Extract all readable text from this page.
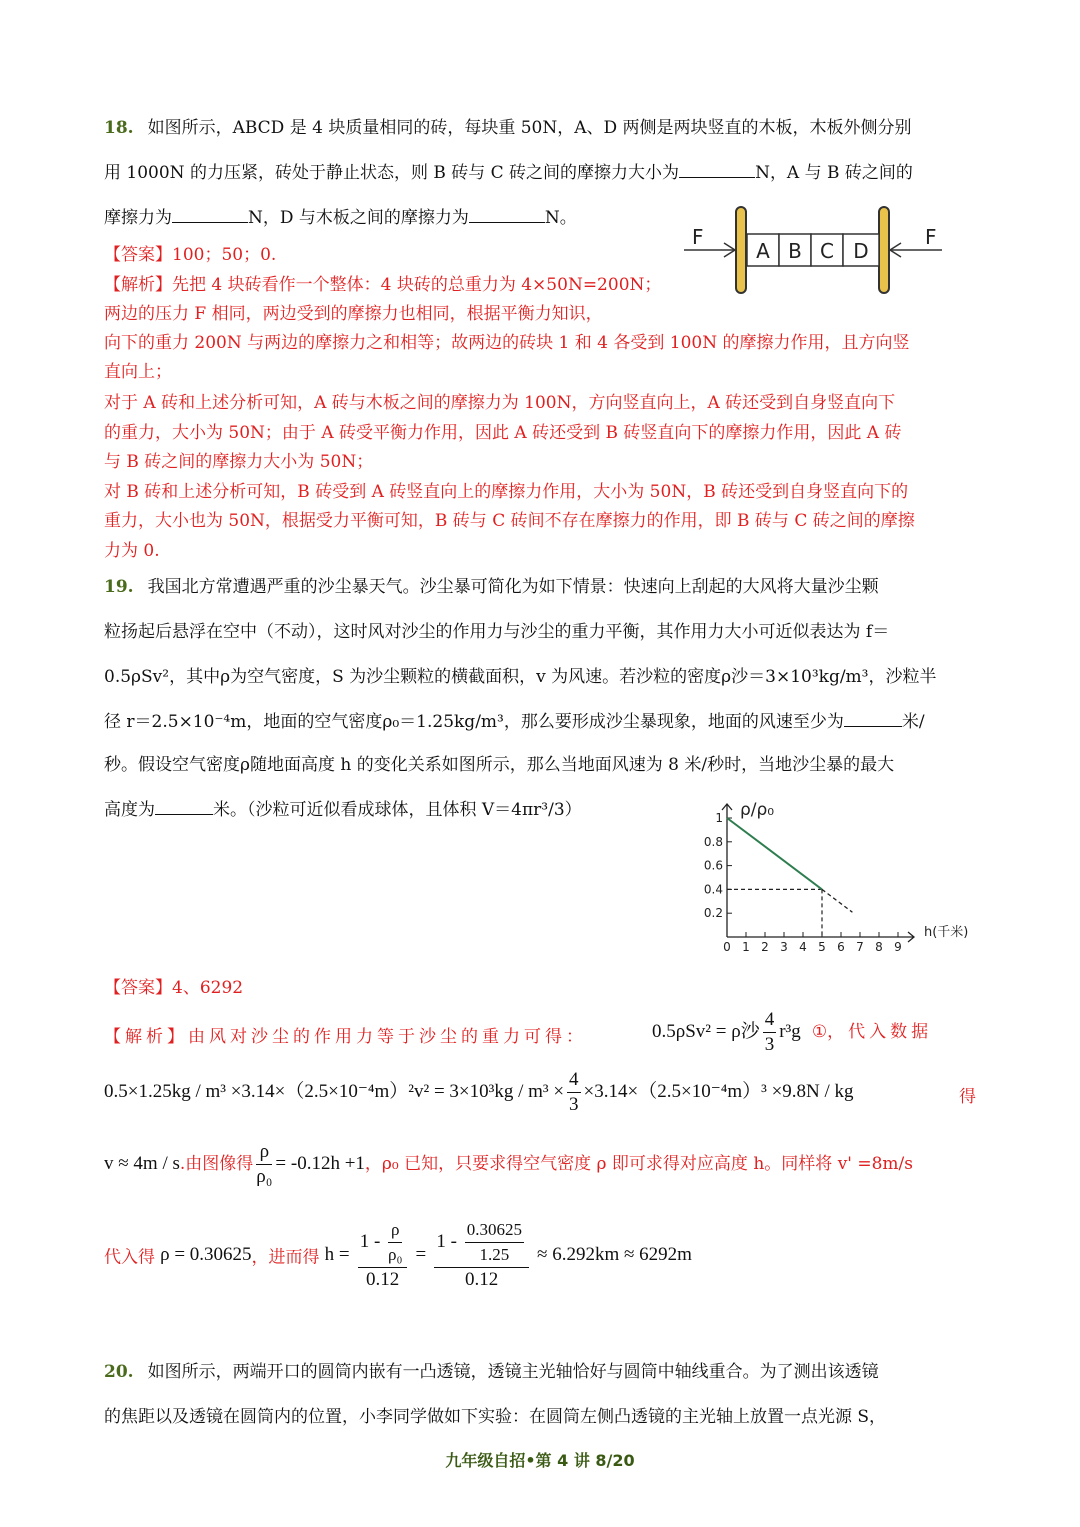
18. 如图所示，ABCD 是 4 块质量相同的砖，每块重 50N，A、D 两侧是两块竖直的木板，木板外侧分别
用 1000N 的力压紧，砖处于静止状态，则 B 砖与 C 砖之间的摩擦力大小为	N，A 与 B 砖之间的
摩擦力为	N，D 与木板之间的摩擦力为	N。
【答案】100；50；0.
【解析】先把 4 块砖看作一个整体：4 块砖的总重力为 4×50N=200N；
两边的压力 F 相同，两边受到的摩擦力也相同，根据平衡力知识，
向下的重力 200N 与两边的摩擦力之和相等；故两边的砖块 1 和 4 各受到 100N 的摩擦力作用，且方向竖
直向上；
对于 A 砖和上述分析可知，A 砖与木板之间的摩擦力为 100N，方向竖直向上，A 砖还受到自身竖直向下
的重力，大小为 50N；由于 A 砖受平衡力作用，因此 A 砖还受到 B 砖竖直向下的摩擦力作用，因此 A 砖
与 B 砖之间的摩擦力大小为 50N；
对 B 砖和上述分析可知，B 砖受到 A 砖竖直向上的摩擦力作用，大小为 50N，B 砖还受到自身竖直向下的
重力，大小也为 50N，根据受力平衡可知，B 砖与 C 砖间不存在摩擦力的作用，即 B 砖与 C 砖之间的摩擦
力为 0.
A B C D
F	F
19. 我国北方常遭遇严重的沙尘暴天气。沙尘暴可简化为如下情景：快速向上刮起的大风将大量沙尘颗
粒扬起后悬浮在空中（不动），这时风对沙尘的作用力与沙尘的重力平衡，其作用力大小可近似表达为 f＝
0.5ρSv²，其中ρ为空气密度，S 为沙尘颗粒的横截面积，v 为风速。若沙粒的密度ρ沙＝3×10³kg/m³，沙粒半
径 r＝2.5×10⁻⁴m，地面的空气密度ρ₀＝1.25kg/m³，那么要形成沙尘暴现象，地面的风速至少为	米/
秒。假设空气密度ρ随地面高度 h 的变化关系如图所示，那么当地面风速为 8 米/秒时，当地沙尘暴的最大
高度为	米。（沙粒可近似看成球体，且体积 V＝4πr³/3）
0 1 2 3 4 5 6 7 8 9
0.2
0.4
0.6
0.8
1 ρ/ρ₀
h(千米)
【答案】4、6292
【解析】由风对沙尘的作用力等于沙尘的重力可得：	0.5ρSv² = ρ沙 $\frac{4}{3} r^3g$ ①，代入数据
$0.5\times 1.25kg / m^3 \times 3.14\times(2.5\times 10^{-4}m)^2v^2 = 3\times 10^3kg / m^3 \times \frac{4}{3} \times 3.14\times(2.5\times 10^{-4}m)^3 \times 9.8N$ / kg	得
v ≈ 4m / s.由图像得 $\frac{\rho}{\text{ρ₀}} = -0.12h +1$，ρ₀ 已知，只要求得空气密度 ρ 即可求得对应高度 h。同样将 v' =8m/s
代入得 ρ = 0.30625，进而得 $h = \frac{1 - \frac{\rho}{\text{ρ₀}}}{0.12} = \frac{1 - \frac{0.30625}{1.25}}{0.12} \approx 6.292km \approx 6292m$
20. 如图所示，两端开口的圆筒内嵌有一凸透镜，透镜主光轴恰好与圆筒中轴线重合。为了测出该透镜
的焦距以及透镜在圆筒内的位置，小李同学做如下实验：在圆筒左侧凸透镜的主光轴上放置一点光源 S，
九年级自招•第 4 讲 8/20
